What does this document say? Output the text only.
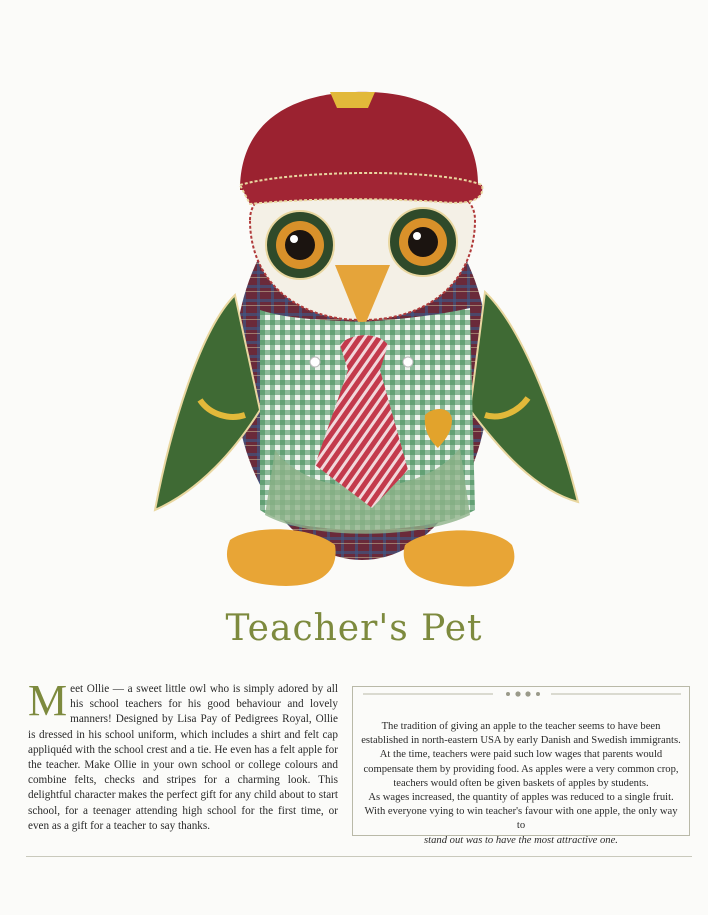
Teacher's Pet
Meet Ollie — a sweet little owl who is simply adored by all his school teachers for his good behaviour and lovely manners! Designed by Lisa Pay of Pedigrees Royal, Ollie is dressed in his school uniform, which includes a shirt and felt cap appliquéd with the school crest and a tie. He even has a felt apple for the teacher. Make Ollie in your own school or college colours and combine felts, checks and stripes for a charming look. This delightful character makes the perfect gift for any child about to start school, for a teenager attending high school for the first time, or even as a gift for a teacher to say thanks.

The tradition of giving an apple to the teacher seems to have been established in north-eastern USA by early Danish and Swedish immigrants.

At the time, teachers were paid such low wages that parents would compensate them by providing food. As apples were a very common crop, teachers would often be given baskets of apples by students.

As wages increased, the quantity of apples was reduced to a single fruit.

With everyone vying to win teacher's favour with one apple, the only way to

stand out was to have the most attractive one.
